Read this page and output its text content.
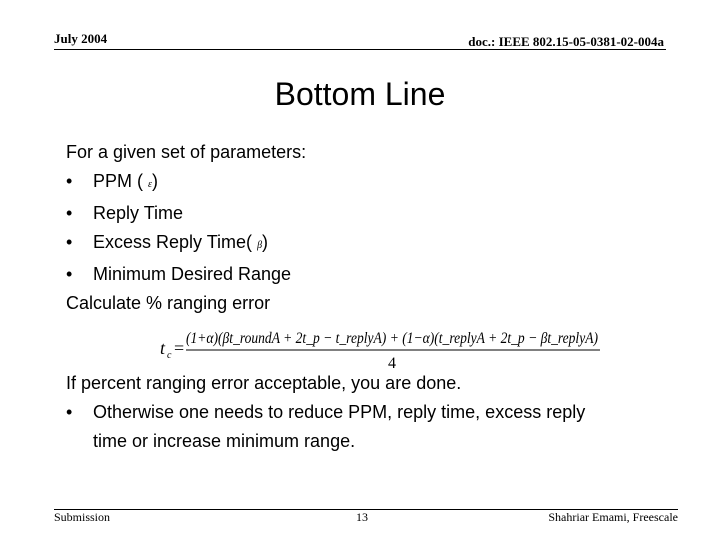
July 2004	doc.: IEEE 802.15-05-0381-02-004a
Bottom Line
For a given set of parameters:
• PPM ( ε)
• Reply Time
• Excess Reply Time( β)
• Minimum Desired Range
Calculate % ranging error
t c = (1+α)(βt_roundA + 2t_p − t_replyA) + (1−α)(t_replyA + 2t_p − βt_replyA)
4
If percent ranging error acceptable, you are done.
• Otherwise one needs to reduce PPM, reply time, excess reply
time or increase minimum range.
Submission	13	Shahriar Emami, Freescale
